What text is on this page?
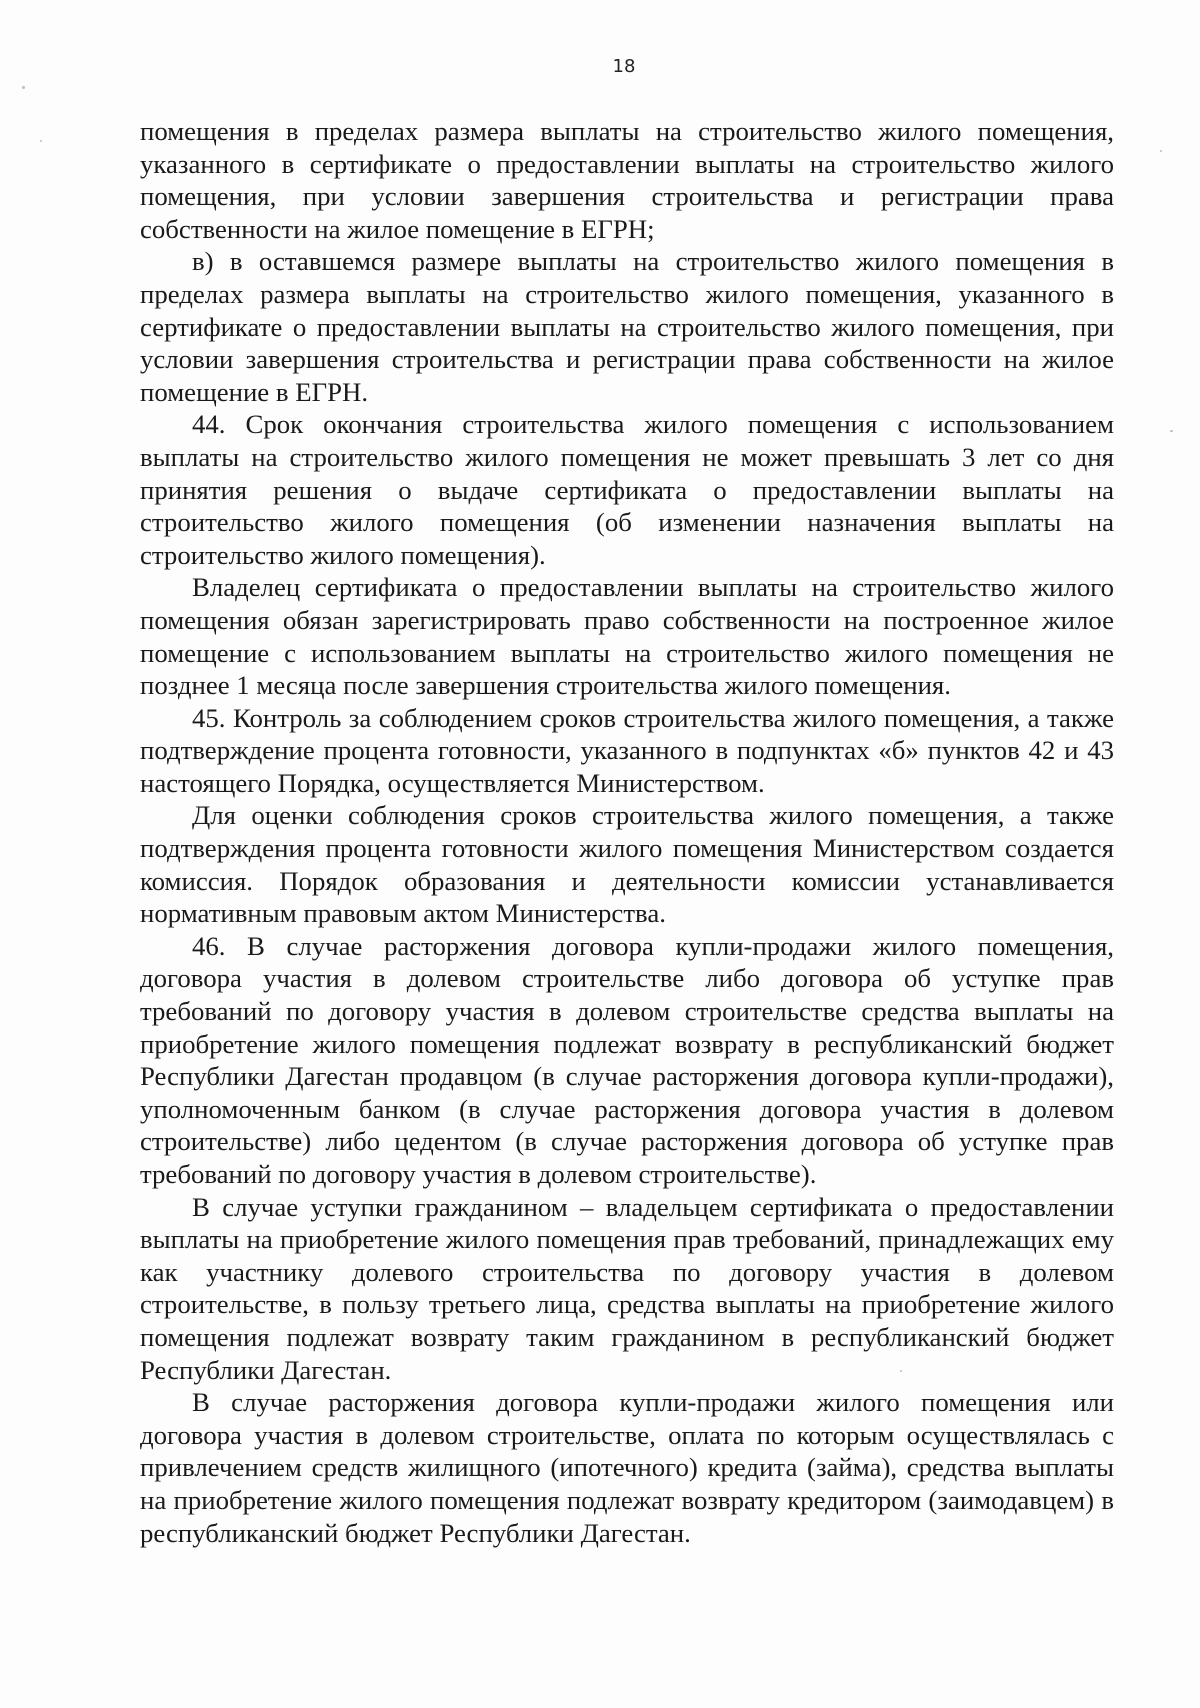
18

помещения в пределах размера выплаты на строительство жилого помещения, указанного в сертификате о предоставлении выплаты на строительство жилого помещения, при условии завершения строительства и регистрации права собственности на жилое помещение в ЕГРН;

в) в оставшемся размере выплаты на строительство жилого помещения в пределах размера выплаты на строительство жилого помещения, указанного в сертификате о предоставлении выплаты на строительство жилого помещения, при условии завершения строительства и регистрации права собственности на жилое помещение в ЕГРН.

44. Срок окончания строительства жилого помещения с использованием выплаты на строительство жилого помещения не может превышать 3 лет со дня принятия решения о выдаче сертификата о предоставлении выплаты на строительство жилого помещения (об изменении назначения выплаты на строительство жилого помещения).

Владелец сертификата о предоставлении выплаты на строительство жилого помещения обязан зарегистрировать право собственности на построенное жилое помещение с использованием выплаты на строительство жилого помещения не позднее 1 месяца после завершения строительства жилого помещения.

45. Контроль за соблюдением сроков строительства жилого помещения, а также подтверждение процента готовности, указанного в подпунктах «б» пунктов 42 и 43 настоящего Порядка, осуществляется Министерством.

Для оценки соблюдения сроков строительства жилого помещения, а также подтверждения процента готовности жилого помещения Министерством создается комиссия. Порядок образования и деятельности комиссии устанавливается нормативным правовым актом Министерства.

46. В случае расторжения договора купли-продажи жилого помещения, договора участия в долевом строительстве либо договора об уступке прав требований по договору участия в долевом строительстве средства выплаты на приобретение жилого помещения подлежат возврату в республиканский бюджет Республики Дагестан продавцом (в случае расторжения договора купли-продажи), уполномоченным банком (в случае расторжения договора участия в долевом строительстве) либо цедентом (в случае расторжения договора об уступке прав требований по договору участия в долевом строительстве).

В случае уступки гражданином – владельцем сертификата о предоставлении выплаты на приобретение жилого помещения прав требований, принадлежащих ему как участнику долевого строительства по договору участия в долевом строительстве, в пользу третьего лица, средства выплаты на приобретение жилого помещения подлежат возврату таким гражданином в республиканский бюджет Республики Дагестан.

В случае расторжения договора купли-продажи жилого помещения или договора участия в долевом строительстве, оплата по которым осуществлялась с привлечением средств жилищного (ипотечного) кредита (займа), средства выплаты на приобретение жилого помещения подлежат возврату кредитором (заимодавцем) в республиканский бюджет Республики Дагестан.
